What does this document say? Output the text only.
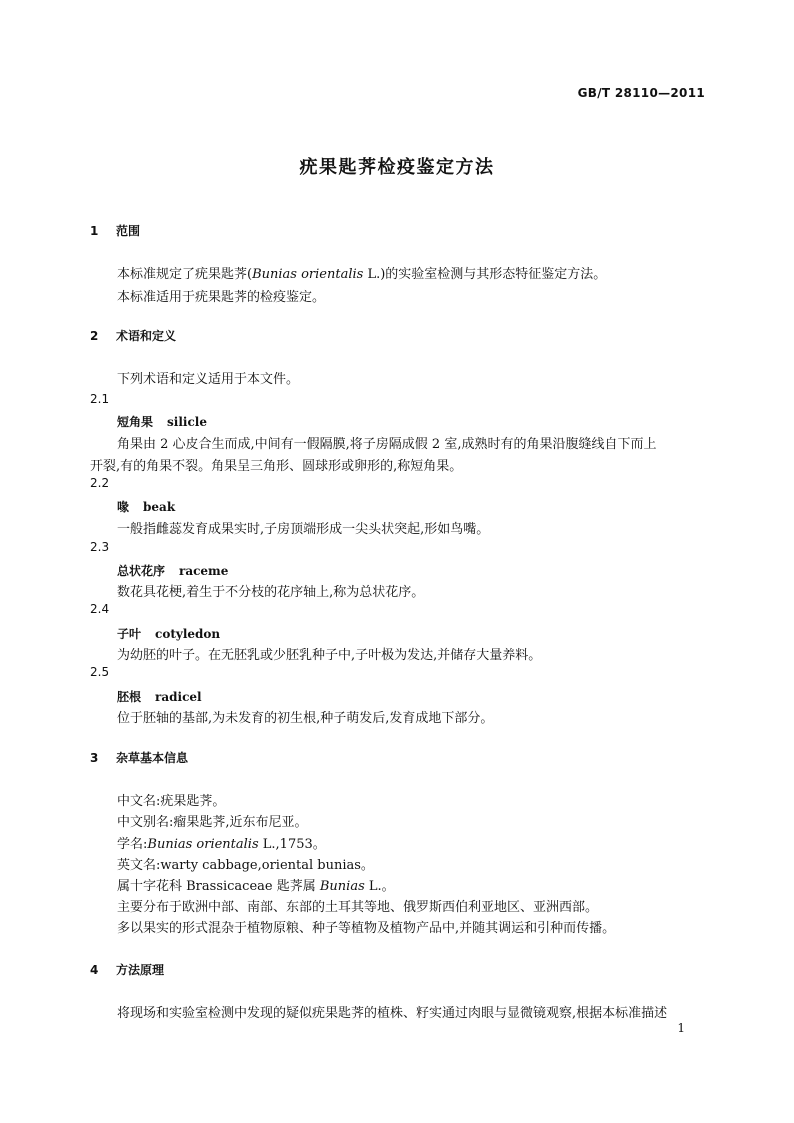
GB/T 28110—2011
疣果匙荠检疫鉴定方法
1 范围
本标准规定了疣果匙荠(Bunias orientalis L.)的实验室检测与其形态特征鉴定方法。
本标准适用于疣果匙荠的检疫鉴定。
2 术语和定义
下列术语和定义适用于本文件。
2.1
短角果 silicle
角果由 2 心皮合生而成,中间有一假隔膜,将子房隔成假 2 室,成熟时有的角果沿腹缝线自下而上
开裂,有的角果不裂。角果呈三角形、圆球形或卵形的,称短角果。
2.2
喙 beak
一般指雌蕊发育成果实时,子房顶端形成一尖头状突起,形如鸟嘴。
2.3
总状花序 raceme
数花具花梗,着生于不分枝的花序轴上,称为总状花序。
2.4
子叶 cotyledon
为幼胚的叶子。在无胚乳或少胚乳种子中,子叶极为发达,并储存大量养料。
2.5
胚根 radicel
位于胚轴的基部,为未发育的初生根,种子萌发后,发育成地下部分。
3 杂草基本信息
中文名:疣果匙荠。
中文别名:瘤果匙荠,近东布尼亚。
学名:Bunias orientalis L.,1753。
英文名:warty cabbage,oriental bunias。
属十字花科 Brassicaceae 匙荠属 Bunias L.。
主要分布于欧洲中部、南部、东部的土耳其等地、俄罗斯西伯利亚地区、亚洲西部。
多以果实的形式混杂于植物原粮、种子等植物及植物产品中,并随其调运和引种而传播。
4 方法原理
将现场和实验室检测中发现的疑似疣果匙荠的植株、籽实通过肉眼与显微镜观察,根据本标准描述
1
